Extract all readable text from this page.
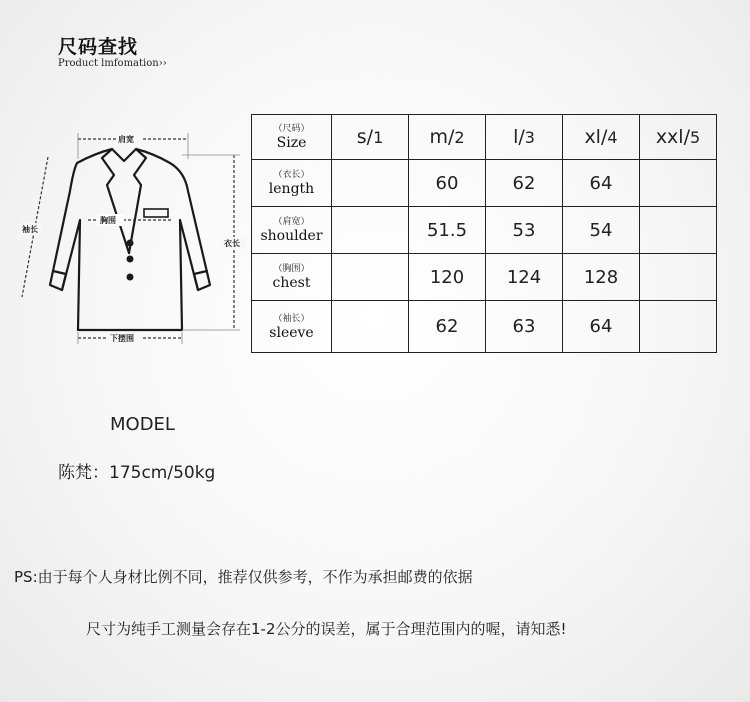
尺码查找
Product lmfomation››
肩宽
袖长
胸围
衣长
下摆围
（尺码）
Size	s/1	m/2	l/3	xl/4	xxl/5

（衣长）
length		60	62	64	

（肩宽）
shoulder		51.5	53	54	

（胸围）
chest		120	124	128	

（袖长）
sleeve		62	63	64	
MODEL
陈梵：175cm/50kg
PS:由于每个人身材比例不同，推荐仅供参考，不作为承担邮费的依据
尺寸为纯手工测量会存在1-2公分的误差，属于合理范围内的喔，请知悉!
